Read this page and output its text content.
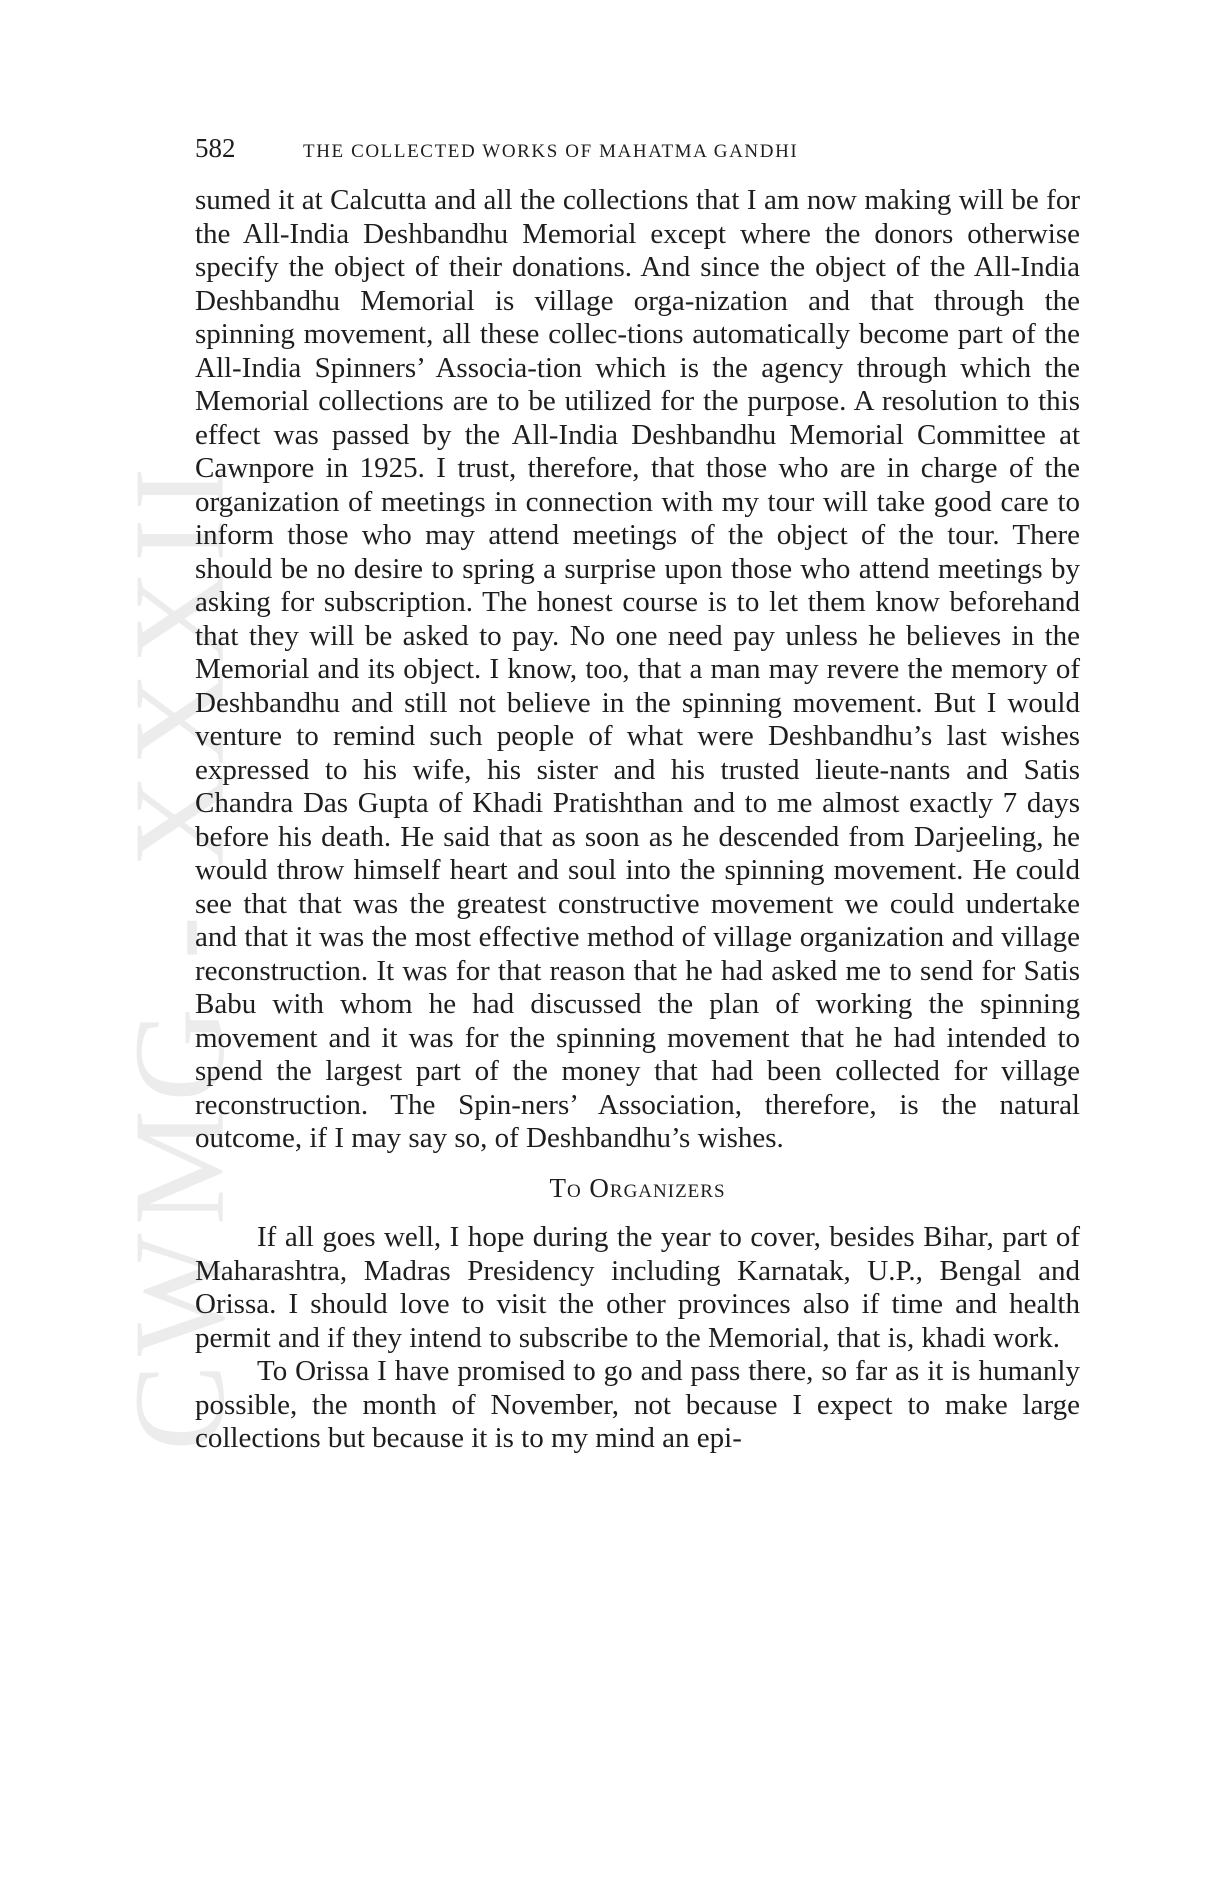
CWMG - XXXII
582	THE COLLECTED WORKS OF MAHATMA GANDHI

sumed it at Calcutta and all the collections that I am now making will be for the All-India Deshbandhu Memorial except where the donors otherwise specify the object of their donations. And since the object of the All-India Deshbandhu Memorial is village orga-nization and that through the spinning movement, all these collec-tions automatically become part of the All-India Spinners’ Associa-tion which is the agency through which the Memorial collections are to be utilized for the purpose. A resolution to this effect was passed by the All-India Deshbandhu Memorial Committee at Cawnpore in 1925. I trust, therefore, that those who are in charge of the organization of meetings in connection with my tour will take good care to inform those who may attend meetings of the object of the tour. There should be no desire to spring a surprise upon those who attend meetings by asking for subscription. The honest course is to let them know beforehand that they will be asked to pay. No one need pay unless he believes in the Memorial and its object. I know, too, that a man may revere the memory of Deshbandhu and still not believe in the spinning movement. But I would venture to remind such people of what were Deshbandhu’s last wishes expressed to his wife, his sister and his trusted lieute-nants and Satis Chandra Das Gupta of Khadi Pratishthan and to me almost exactly 7 days before his death. He said that as soon as he descended from Darjeeling, he would throw himself heart and soul into the spinning movement. He could see that that was the greatest constructive movement we could undertake and that it was the most effective method of village organization and village reconstruction. It was for that reason that he had asked me to send for Satis Babu with whom he had discussed the plan of working the spinning movement and it was for the spinning movement that he had intended to spend the largest part of the money that had been collected for village reconstruction. The Spin-ners’ Association, therefore, is the natural outcome, if I may say so, of Deshbandhu’s wishes.

To Organizers

If all goes well, I hope during the year to cover, besides Bihar, part of Maharashtra, Madras Presidency including Karnatak, U.P., Bengal and Orissa. I should love to visit the other provinces also if time and health permit and if they intend to subscribe to the Memorial, that is, khadi work.

To Orissa I have promised to go and pass there, so far as it is humanly possible, the month of November, not because I expect to make large collections but because it is to my mind an epi-
